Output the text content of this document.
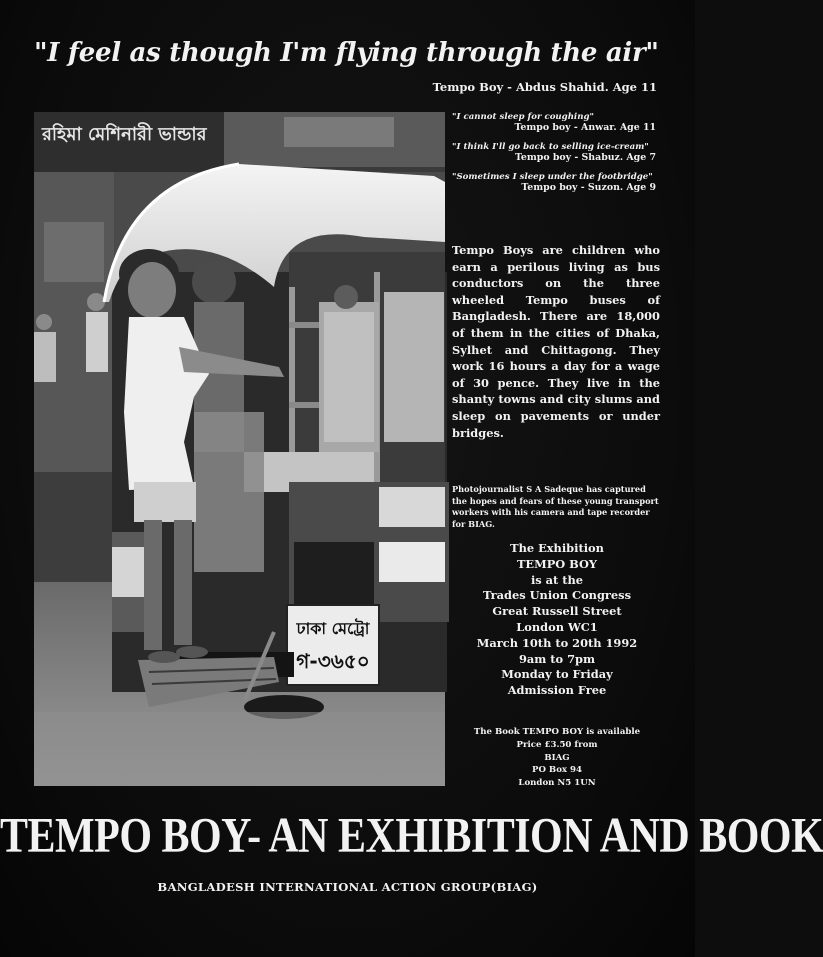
"I feel as though I'm flying through the air"
Tempo Boy - Abdus Shahid. Age 11
রহিমা মেশিনারী ভান্ডার
ঢাকা মেট্রো
গ-৩৬৫০
"I cannot sleep for coughing"
Tempo boy - Anwar. Age 11
"I think I'll go back to selling ice-cream"
Tempo boy - Shabuz. Age 7
"Sometimes I sleep under the footbridge"
Tempo boy - Suzon. Age 9
Tempo Boys are children who earn a perilous living as bus conductors on the three wheeled Tempo buses of Bangladesh. There are 18,000 of them in the cities of Dhaka, Sylhet and Chittagong. They work 16 hours a day for a wage of 30 pence. They live in the shanty towns and city slums and sleep on pavements or under bridges.
Photojournalist S A Sadeque has captured the hopes and fears of these young transport workers with his camera and tape recorder for BIAG.
The Exhibition
TEMPO BOY
is at the
Trades Union Congress
Great Russell Street
London WC1
March 10th to 20th 1992
9am to 7pm
Monday to Friday
Admission Free
The Book TEMPO BOY is available
Price £3.50 from
BIAG
PO Box 94
London N5 1UN
TEMPO BOY- AN EXHIBITION AND BOOK
BANGLADESH INTERNATIONAL ACTION GROUP(BIAG)
